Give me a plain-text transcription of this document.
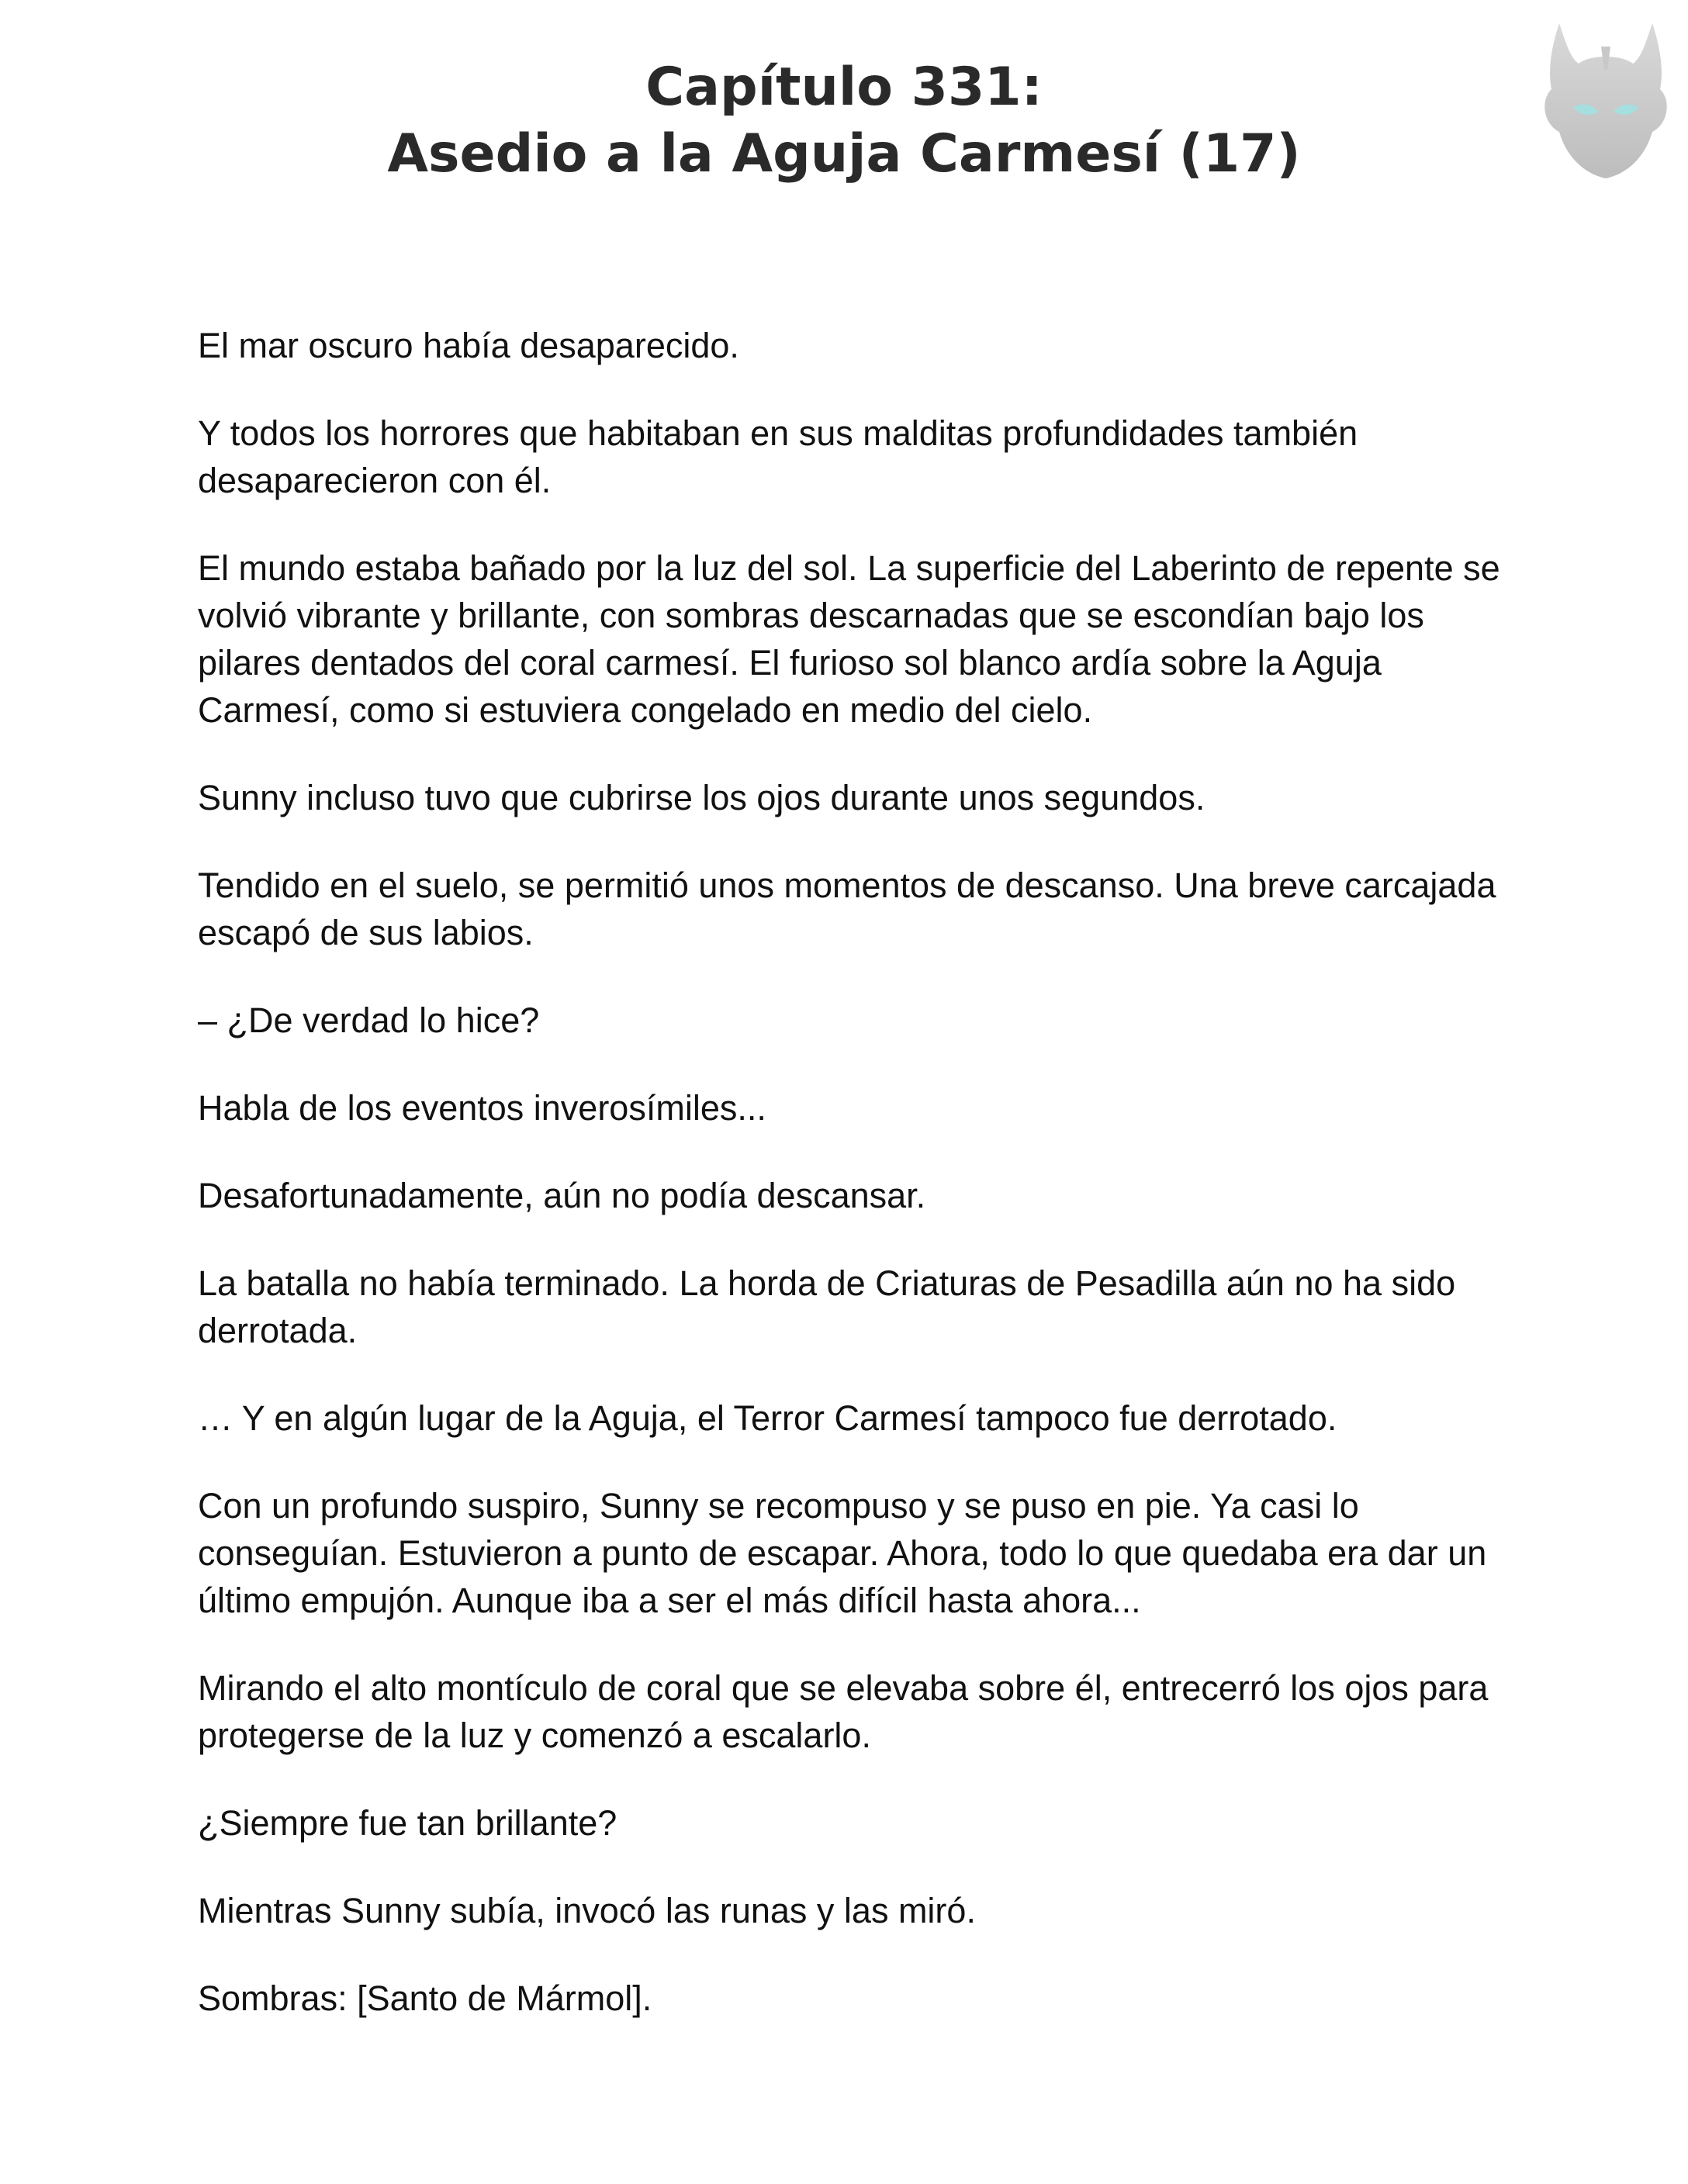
Capítulo 331:
Asedio a la Aguja Carmesí (17)

El mar oscuro había desaparecido.

Y todos los horrores que habitaban en sus malditas profundidades también desaparecieron con él.

El mundo estaba bañado por la luz del sol. La superficie del Laberinto de repente se volvió vibrante y brillante, con sombras descarnadas que se escondían bajo los pilares dentados del coral carmesí. El furioso sol blanco ardía sobre la Aguja Carmesí, como si estuviera congelado en medio del cielo.

Sunny incluso tuvo que cubrirse los ojos durante unos segundos.

Tendido en el suelo, se permitió unos momentos de descanso. Una breve carcajada escapó de sus labios.

– ¿De verdad lo hice?

Habla de los eventos inverosímiles...

Desafortunadamente, aún no podía descansar.

La batalla no había terminado. La horda de Criaturas de Pesadilla aún no ha sido derrotada.

… Y en algún lugar de la Aguja, el Terror Carmesí tampoco fue derrotado.

Con un profundo suspiro, Sunny se recompuso y se puso en pie. Ya casi lo conseguían. Estuvieron a punto de escapar. Ahora, todo lo que quedaba era dar un último empujón. Aunque iba a ser el más difícil hasta ahora...

Mirando el alto montículo de coral que se elevaba sobre él, entrecerró los ojos para protegerse de la luz y comenzó a escalarlo.

¿Siempre fue tan brillante?

Mientras Sunny subía, invocó las runas y las miró.

Sombras: [Santo de Mármol].
